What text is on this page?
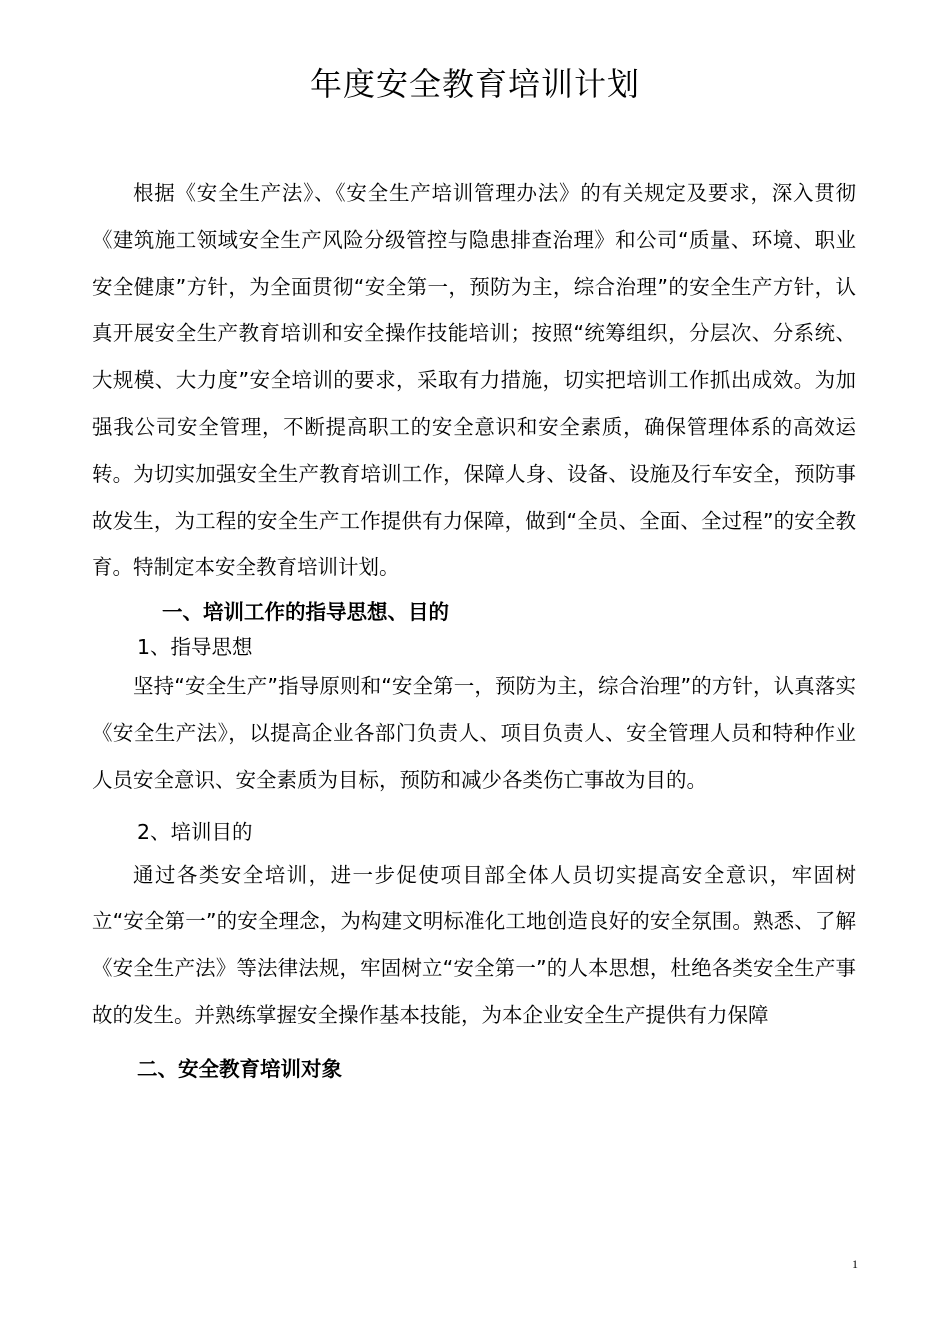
年度安全教育培训计划

根据《安全生产法》、《安全生产培训管理办法》的有关规定及要求，深入贯彻《建筑施工领域安全生产风险分级管控与隐患排查治理》和公司“质量、环境、职业安全健康”方针，为全面贯彻“安全第一，预防为主，综合治理”的安全生产方针，认真开展安全生产教育培训和安全操作技能培训；按照“统筹组织，分层次、分系统、大规模、大力度”安全培训的要求，采取有力措施，切实把培训工作抓出成效。为加强我公司安全管理，不断提高职工的安全意识和安全素质，确保管理体系的高效运转。为切实加强安全生产教育培训工作，保障人身、设备、设施及行车安全，预防事故发生，为工程的安全生产工作提供有力保障，做到“全员、全面、全过程”的安全教育。特制定本安全教育培训计划。

一、培训工作的指导思想、目的
1、指导思想

坚持“安全生产”指导原则和“安全第一，预防为主，综合治理”的方针，认真落实《安全生产法》，以提高企业各部门负责人、项目负责人、安全管理人员和特种作业人员安全意识、安全素质为目标，预防和减少各类伤亡事故为目的。

2、培训目的

通过各类安全培训，进一步促使项目部全体人员切实提高安全意识，牢固树立“安全第一”的安全理念，为构建文明标准化工地创造良好的安全氛围。熟悉、了解《安全生产法》等法律法规，牢固树立“安全第一”的人本思想，杜绝各类安全生产事故的发生。并熟练掌握安全操作基本技能，为本企业安全生产提供有力保障

二、安全教育培训对象
1
